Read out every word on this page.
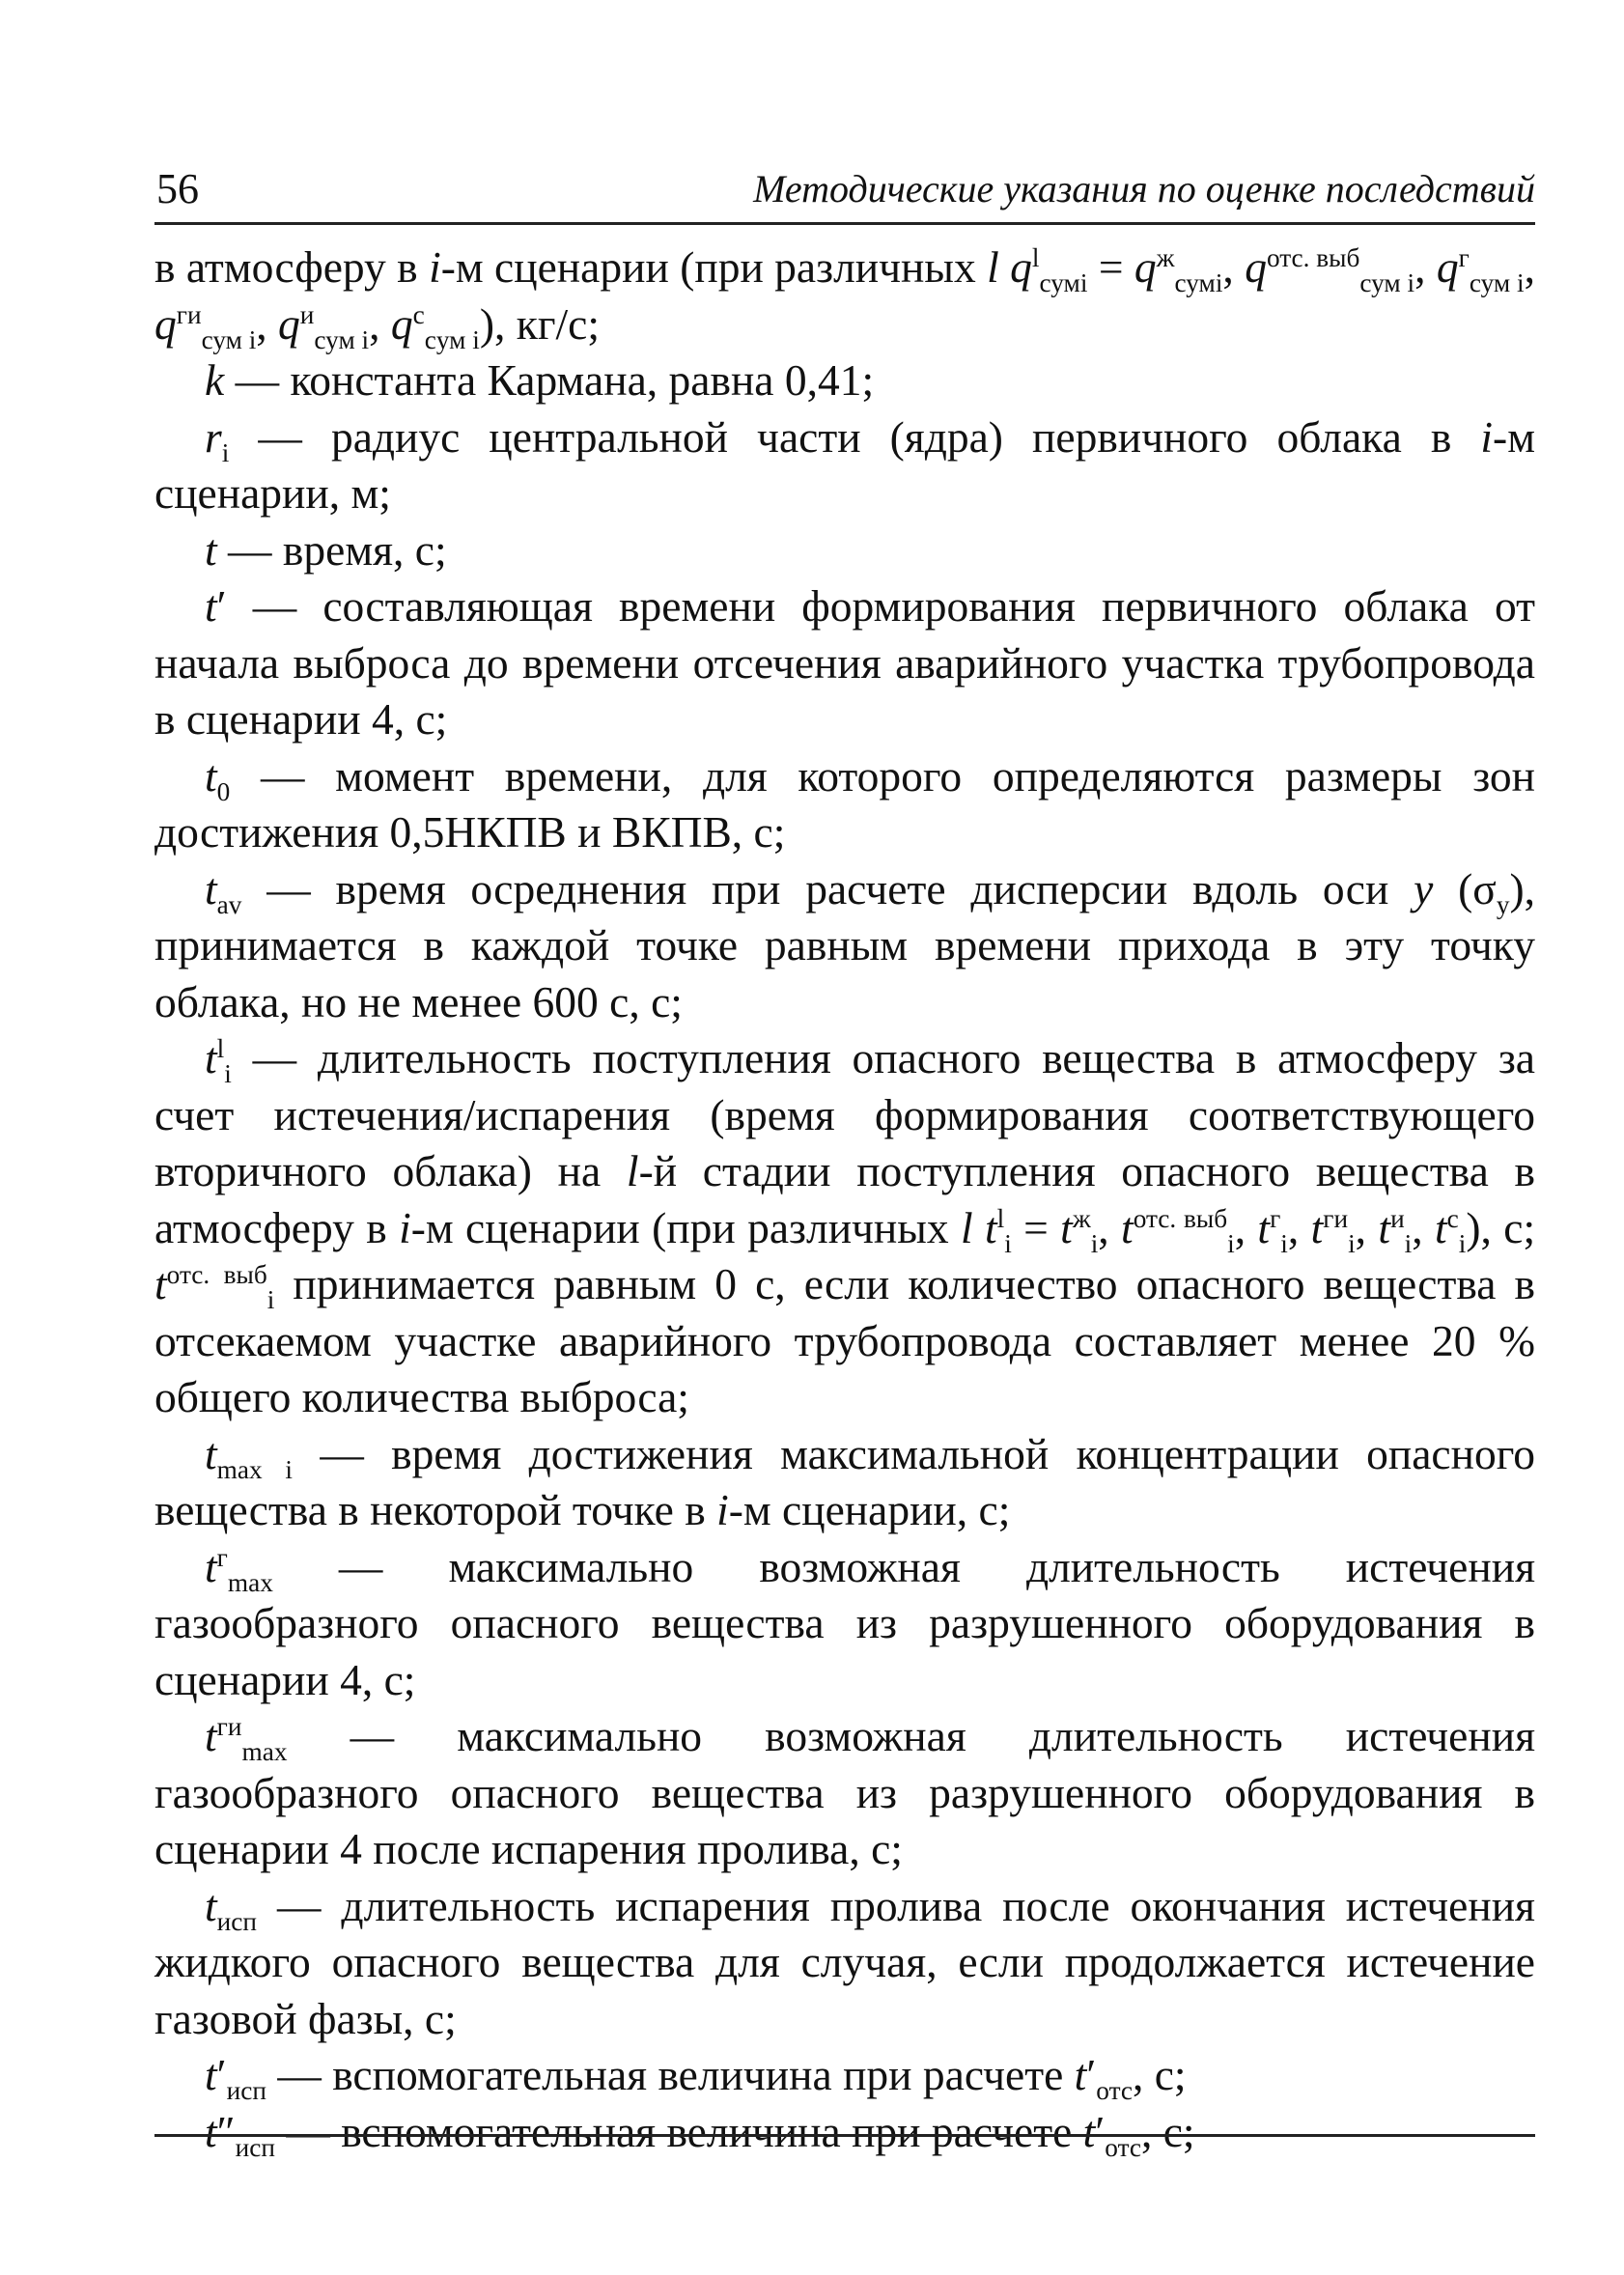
56	Методические указания по оценке последствий

в атмосферу в i-м сценарии (при различных l $q^l_{сумi} = q^ж_{сумi}$, $q^{отс. выб}_{сум i}$, $q^г_{сум i}$, $q^{ги}_{сум i}$, $q^и_{сум i}$, $q^с_{cум i}$), кг/с;

k — константа Кармана, равна 0,41;

$r_i$ — радиус центральной части (ядра) первичного облака в i-м сценарии, м;

t — время, с;

t′ — составляющая времени формирования первичного облака от начала выброса до времени отсечения аварийного участка трубопровода в сценарии 4, с;

$t_0$ — момент времени, для которого определяются размеры зон достижения 0,5НКПВ и ВКПВ, с;

$t_{av}$ — время осреднения при расчете дисперсии вдоль оси y $(\sigma_y)$, принимается в каждой точке равным времени прихода в эту точку облака, но не менее 600 с, с;

$t^l_i$ — длительность поступления опасного вещества в атмосферу за счет истечения/испарения (время формирования соответствующего вторичного облака) на l-й стадии поступления опасного вещества в атмосферу в i-м сценарии (при различных l $t^l_i = t^ж_i$, $t^{отс. выб}_i$, $t^г_i$, $t^{ги}_i$, $t^и_i$, $t^с_i$), с; $t^{отс. выб}_i$ принимается равным 0 с, если количество опасного вещества в отсекаемом участке аварийного трубопровода составляет менее 20 % общего количества выброса;

$t_{max i}$ — время достижения максимальной концентрации опасного вещества в некоторой точке в i-м сценарии, с;

$t^г_{max}$ — максимально возможная длительность истечения газообразного опасного вещества из разрушенного оборудования в сценарии 4, с;

$t^{ги}_{max}$ — максимально возможная длительность истечения газообразного опасного вещества из разрушенного оборудования в сценарии 4 после испарения пролива, с;

$t_{исп}$ — длительность испарения пролива после окончания истечения жидкого опасного вещества для случая, если продолжается истечение газовой фазы, с;

$t'_{исп}$ — вспомогательная величина при расчете $t'_{отс}$, с;

$t''_{исп}$ — вспомогательная величина при расчете $t'_{отс}$, с;
